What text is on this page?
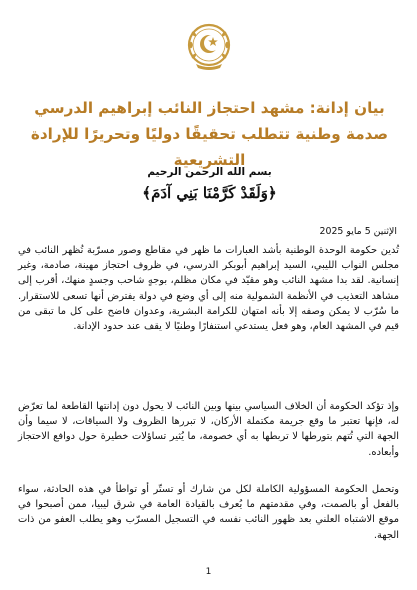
بيان إدانة: مشهد احتجاز النائب إبراهيم الدرسي صدمة وطنية تتطلب تحقيقًا دوليًا وتحريرًا للإرادة التشريعية

بسم الله الرحمن الرحيم

﴿وَلَقَدْ كَرَّمْنَا بَنِي آدَمَ﴾

الإثنين 5 مايو 2025

تُدين حكومة الوحدة الوطنية بأشد العبارات ما ظهر في مقاطع وصور مسرّبة تُظهر النائب في مجلس النواب الليبي، السيد إبراهيم أبوبكر الدرسي، في ظروف احتجاز مهينة، صادمة، وغير إنسانية. لقد بدا مشهد النائب وهو مقيّد في مكان مظلم، بوجهٍ شاحب وجسدٍ منهك، أقرب إلى مشاهد التعذيب في الأنظمة الشمولية منه إلى أي وضع في دولة يفترض أنها تسعى للاستقرار. ما سُرّب لا يمكن وصفه إلا بأنه امتهان للكرامة البشرية، وعدوان فاضح على كل ما تبقى من قيم في المشهد العام، وهو فعل يستدعي استنفارًا وطنيًا لا يقف عند حدود الإدانة.

وإذ تؤكد الحكومة أن الخلاف السياسي بينها وبين النائب لا يحول دون إدانتها القاطعة لما تعرّض له، فإنها تعتبر ما وقع جريمة مكتملة الأركان، لا تبررها الظروف ولا السياقات، لا سيما وأن الجهة التي تُتهم بتورطها لا تربطها به أي خصومة، ما يُثير تساؤلات خطيرة حول دوافع الاحتجاز وأبعاده.

وتحمل الحكومة المسؤولية الكاملة لكل من شارك أو تستّر أو تواطأ في هذه الحادثة، سواء بالفعل أو بالصمت، وفي مقدمتهم ما يُعرف بالقيادة العامة في شرق ليبيا، ممن أصبحوا في موقع الاشتباه العلني بعد ظهور النائب نفسه في التسجيل المسرّب وهو يطلب العفو من ذات الجهة.

1
